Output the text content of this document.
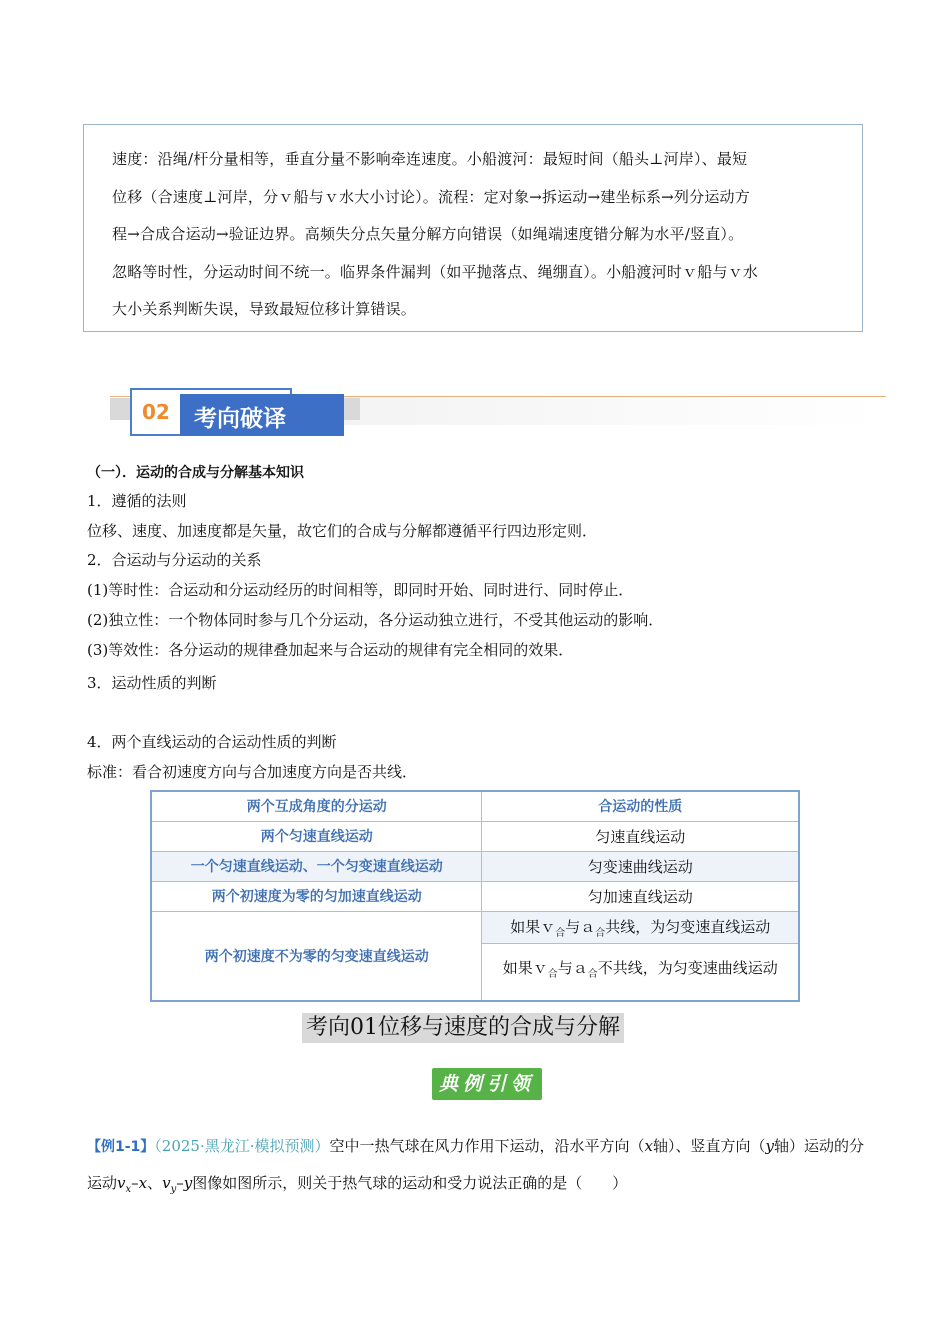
速度：沿绳/杆分量相等，垂直分量不影响牵连速度。小船渡河：最短时间（船头⊥河岸）、最短

位移（合速度⊥河岸，分ｖ船与ｖ水大小讨论）。流程：定对象→拆运动→建坐标系→列分运动方

程→合成合运动→验证边界。高频失分点矢量分解方向错误（如绳端速度错分解为水平/竖直）。

忽略等时性，分运动时间不统一。临界条件漏判（如平抛落点、绳绷直）。小船渡河时ｖ船与ｖ水

大小关系判断失误，导致最短位移计算错误。

02 考向破译
（一）．运动的合成与分解基本知识
1．遵循的法则
位移、速度、加速度都是矢量，故它们的合成与分解都遵循平行四边形定则．
2．合运动与分运动的关系
(1)等时性：合运动和分运动经历的时间相等，即同时开始、同时进行、同时停止．
(2)独立性：一个物体同时参与几个分运动，各分运动独立进行，不受其他运动的影响．
(3)等效性：各分运动的规律叠加起来与合运动的规律有完全相同的效果．
3．运动性质的判断
4．两个直线运动的合运动性质的判断
标准：看合初速度方向与合加速度方向是否共线．
两个互成角度的分运动	合运动的性质
两个匀速直线运动	匀速直线运动
一个匀速直线运动、一个匀变速直线运动	匀变速曲线运动
两个初速度为零的匀加速直线运动	匀加速直线运动
两个初速度不为零的匀变速直线运动	如果ｖ$_合$与ａ$_合$共线，为匀变速直线运动
	如果ｖ$_合$与ａ$_合$不共线，为匀变速曲线运动
考向01位移与速度的合成与分解
典例引领
【例1-1】（2025·黑龙江·模拟预测）空中一热气球在风力作用下运动，沿水平方向（x轴）、竖直方向（y轴）运动的分运动$v_x-x$、$v_y-y$图像如图所示，则关于热气球的运动和受力说法正确的是（　　）
